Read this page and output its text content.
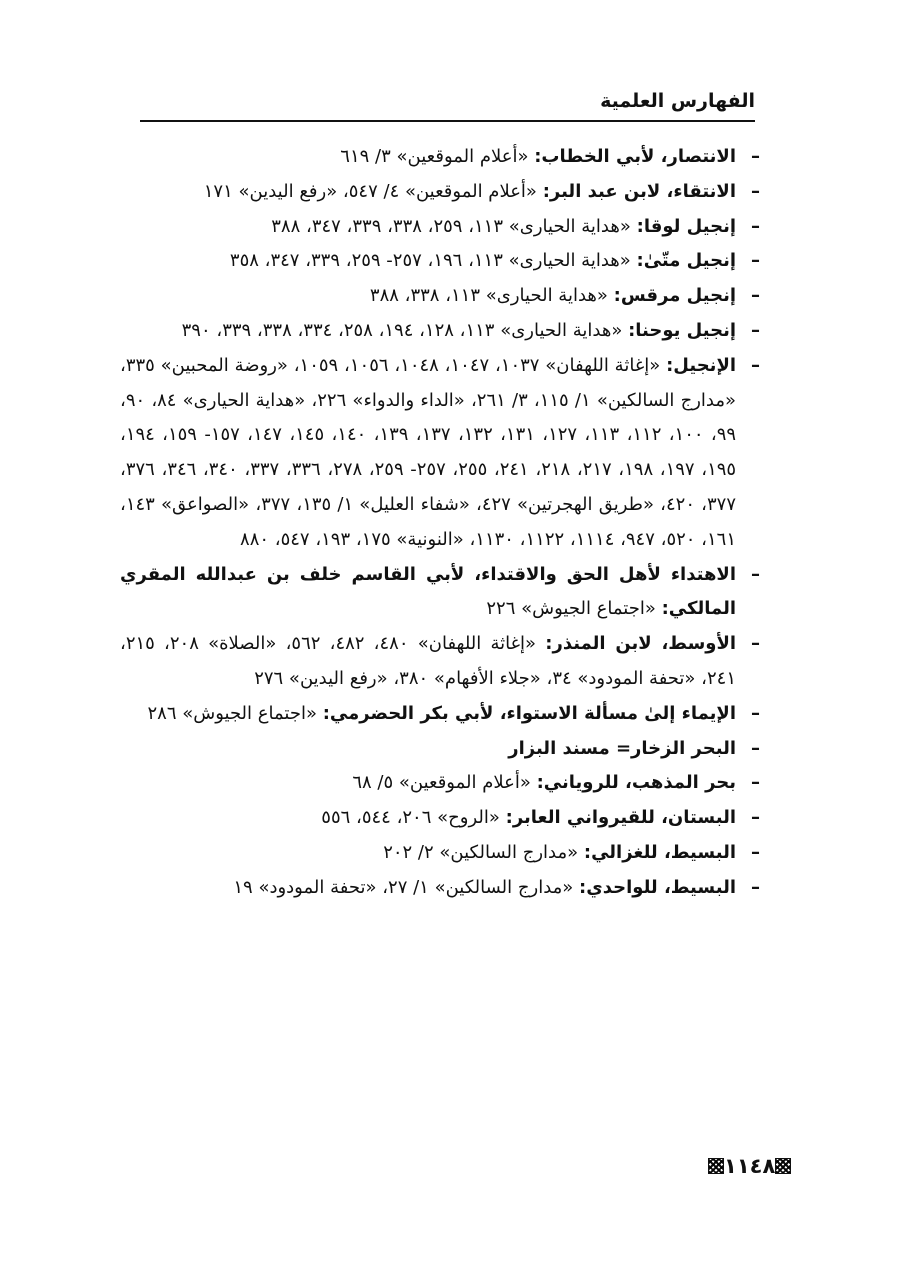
الفهارس العلمية
–
الانتصار، لأبي الخطاب: «أعلام الموقعين» ٣/ ٦١٩
–
الانتقاء، لابن عبد البر: «أعلام الموقعين» ٤/ ٥٤٧، «رفع اليدين» ١٧١
–
إنجيل لوقا: «هداية الحيارى» ١١٣، ٢٥٩، ٣٣٨، ٣٣٩، ٣٤٧، ٣٨٨
–
إنجيل متّىٰ: «هداية الحيارى» ١١٣، ١٩٦، ٢٥٧- ٢٥٩، ٣٣٩، ٣٤٧، ٣٥٨
–
إنجيل مرقس: «هداية الحيارى» ١١٣، ٣٣٨، ٣٨٨
–
إنجيل يوحنا: «هداية الحيارى» ١١٣، ١٢٨، ١٩٤، ٢٥٨، ٣٣٤، ٣٣٨، ٣٣٩، ٣٩٠
–
الإنجيل: «إغاثة اللهفان» ١٠٣٧، ١٠٤٧، ١٠٤٨، ١٠٥٦، ١٠٥٩، «روضة المحبين» ٣٣٥، «مدارج السالكين» ١/ ١١٥، ٣/ ٢٦١، «الداء والدواء» ٢٢٦، «هداية الحيارى» ٨٤، ٩٠، ٩٩، ١٠٠، ١١٢، ١١٣، ١٢٧، ١٣١، ١٣٢، ١٣٧، ١٣٩، ١٤٠، ١٤٥، ١٤٧، ١٥٧- ١٥٩، ١٩٤، ١٩٥، ١٩٧، ١٩٨، ٢١٧، ٢١٨، ٢٤١، ٢٥٥، ٢٥٧- ٢٥٩، ٢٧٨، ٣٣٦، ٣٣٧، ٣٤٠، ٣٤٦، ٣٧٦، ٣٧٧، ٤٢٠، «طريق الهجرتين» ٤٢٧، «شفاء العليل» ١/ ١٣٥، ٣٧٧، «الصواعق» ١٤٣، ١٦١، ٥٢٠، ٩٤٧، ١١١٤، ١١٢٢، ١١٣٠، «النونية» ١٧٥، ١٩٣، ٥٤٧، ٨٨٠
–
الاهتداء لأهل الحق والاقتداء، لأبي القاسم خلف بن عبدالله المقري المالكي: «اجتماع الجيوش» ٢٢٦
–
الأوسط، لابن المنذر: «إغاثة اللهفان» ٤٨٠، ٤٨٢، ٥٦٢، «الصلاة» ٢٠٨، ٢١٥، ٢٤١، «تحفة المودود» ٣٤، «جلاء الأفهام» ٣٨٠، «رفع اليدين» ٢٧٦
–
الإيماء إلىٰ مسألة الاستواء، لأبي بكر الحضرمي: «اجتماع الجيوش» ٢٨٦
–
البحر الزخار= مسند البزار
–
بحر المذهب، للروياني: «أعلام الموقعين» ٥/ ٦٨
–
البستان، للقيرواني العابر: «الروح» ٢٠٦، ٥٤٤، ٥٥٦
–
البسيط، للغزالي: «مدارج السالكين» ٢/ ٢٠٢
–
البسيط، للواحدي: «مدارج السالكين» ١/ ٢٧، «تحفة المودود» ١٩
١١٤٨
